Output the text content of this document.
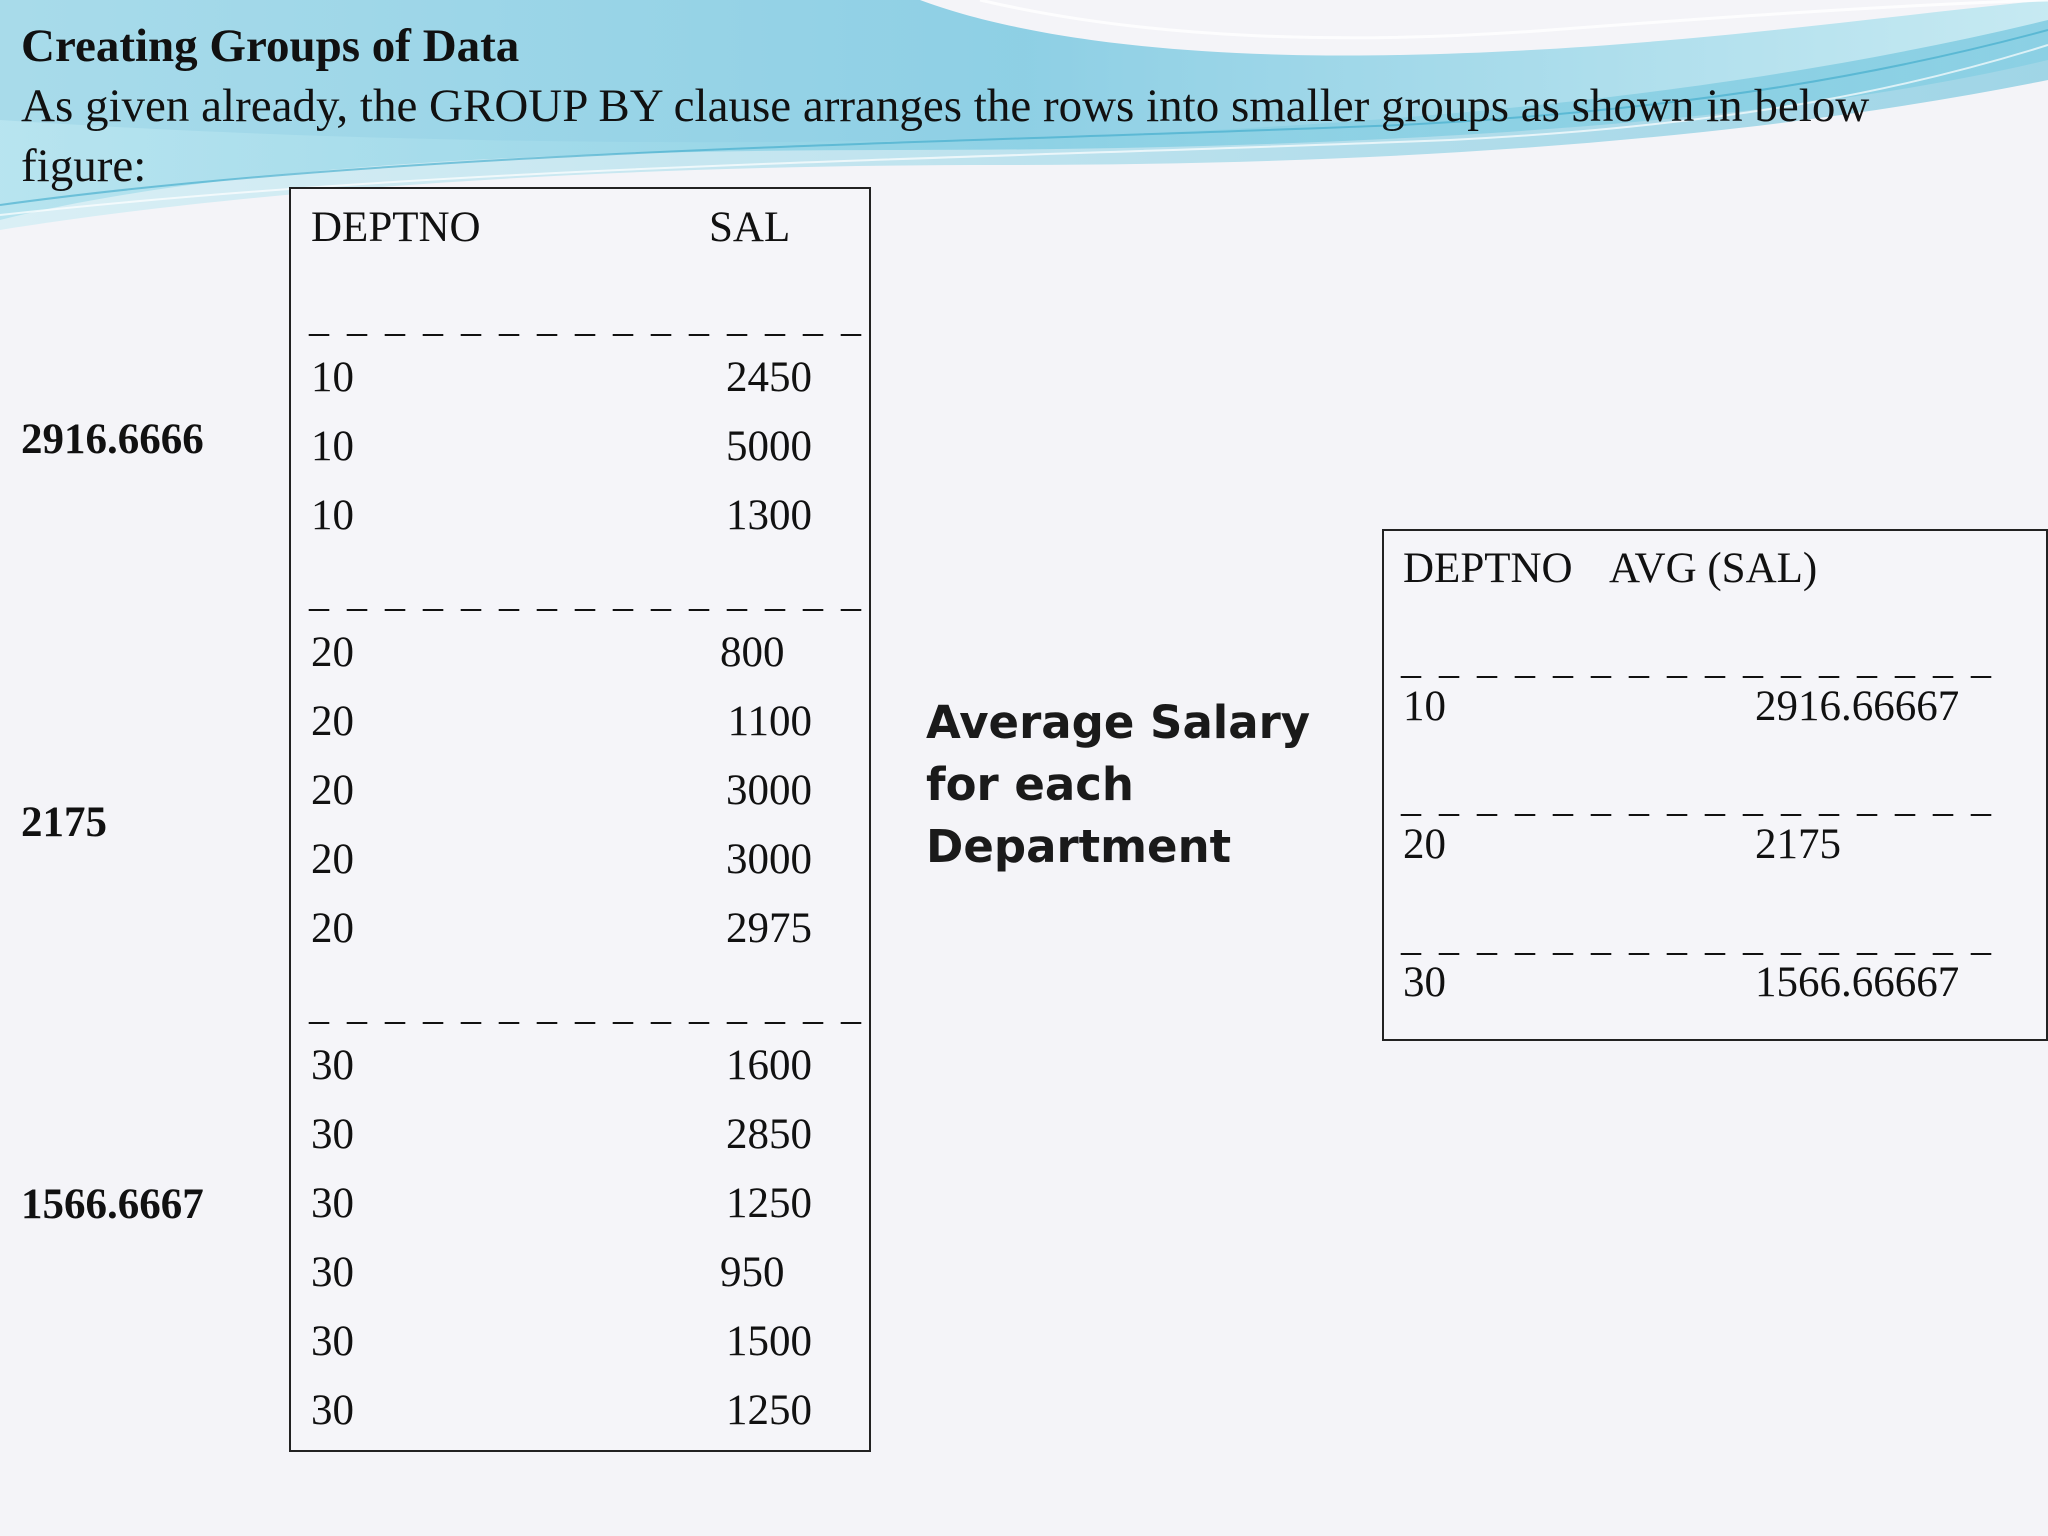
Creating Groups of Data
As given already, the GROUP BY clause arranges the rows into smaller groups as shown in below figure:
2916.6666
2175
1566.6667
DEPTNO	SAL
_ _ _ _ _ _ _ _ _ _ _ _ _ _ _
10	2450
10	5000
10	1300
_ _ _ _ _ _ _ _ _ _ _ _ _ _ _
20	800
20	1100
20	3000
20	3000
20	2975
_ _ _ _ _ _ _ _ _ _ _ _ _ _ _
30	1600
30	2850
30	1250
30	950
30	1500
30	1250
Average Salary
for each
Department
DEPTNO AVG (SAL)
_ _ _ _ _ _ _ _ _ _ _ _ _ _ _ _
10	2916.66667
_ _ _ _ _ _ _ _ _ _ _ _ _ _ _ _
20	2175
_ _ _ _ _ _ _ _ _ _ _ _ _ _ _ _
30	1566.66667
